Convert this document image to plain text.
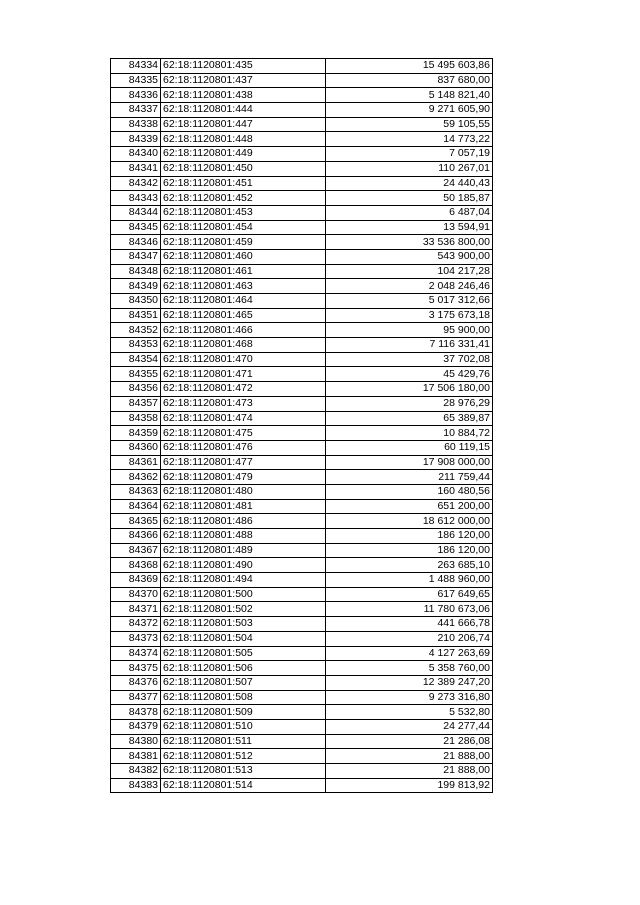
84334	62:18:1120801:435	15 495 603,86
84335	62:18:1120801:437	837 680,00
84336	62:18:1120801:438	5 148 821,40
84337	62:18:1120801:444	9 271 605,90
84338	62:18:1120801:447	59 105,55
84339	62:18:1120801:448	14 773,22
84340	62:18:1120801:449	7 057,19
84341	62:18:1120801:450	110 267,01
84342	62:18:1120801:451	24 440,43
84343	62:18:1120801:452	50 185,87
84344	62:18:1120801:453	6 487,04
84345	62:18:1120801:454	13 594,91
84346	62:18:1120801:459	33 536 800,00
84347	62:18:1120801:460	543 900,00
84348	62:18:1120801:461	104 217,28
84349	62:18:1120801:463	2 048 246,46
84350	62:18:1120801:464	5 017 312,66
84351	62:18:1120801:465	3 175 673,18
84352	62:18:1120801:466	95 900,00
84353	62:18:1120801:468	7 116 331,41
84354	62:18:1120801:470	37 702,08
84355	62:18:1120801:471	45 429,76
84356	62:18:1120801:472	17 506 180,00
84357	62:18:1120801:473	28 976,29
84358	62:18:1120801:474	65 389,87
84359	62:18:1120801:475	10 884,72
84360	62:18:1120801:476	60 119,15
84361	62:18:1120801:477	17 908 000,00
84362	62:18:1120801:479	211 759,44
84363	62:18:1120801:480	160 480,56
84364	62:18:1120801:481	651 200,00
84365	62:18:1120801:486	18 612 000,00
84366	62:18:1120801:488	186 120,00
84367	62:18:1120801:489	186 120,00
84368	62:18:1120801:490	263 685,10
84369	62:18:1120801:494	1 488 960,00
84370	62:18:1120801:500	617 649,65
84371	62:18:1120801:502	11 780 673,06
84372	62:18:1120801:503	441 666,78
84373	62:18:1120801:504	210 206,74
84374	62:18:1120801:505	4 127 263,69
84375	62:18:1120801:506	5 358 760,00
84376	62:18:1120801:507	12 389 247,20
84377	62:18:1120801:508	9 273 316,80
84378	62:18:1120801:509	5 532,80
84379	62:18:1120801:510	24 277,44
84380	62:18:1120801:511	21 286,08
84381	62:18:1120801:512	21 888,00
84382	62:18:1120801:513	21 888,00
84383	62:18:1120801:514	199 813,92
